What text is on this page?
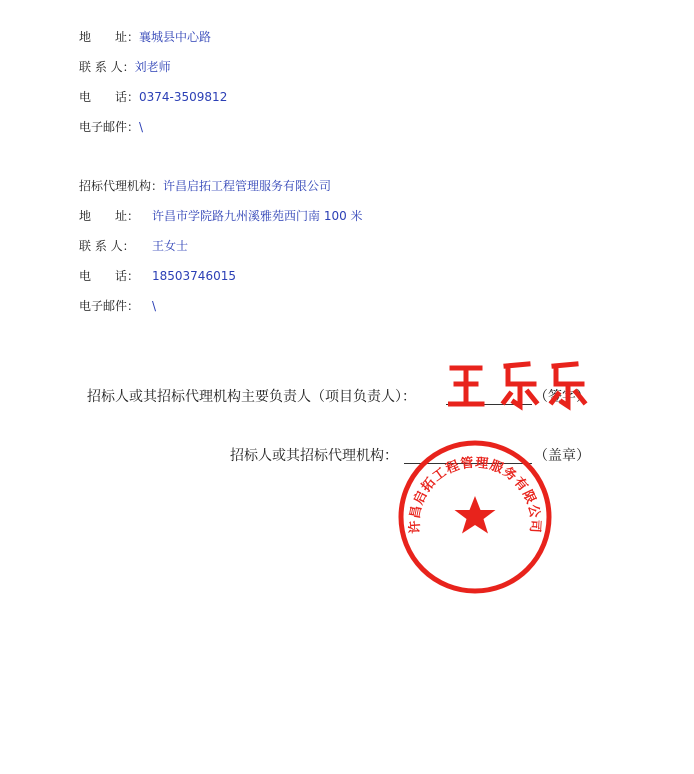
地　　址：襄城县中心路
联 系 人：刘老师
电　　话：0374-3509812
电子邮件：\
招标代理机构：许昌启拓工程管理服务有限公司
地　　址： 许昌市学院路九州溪雅苑西门南 100 米
联 系 人： 王女士
电　　话： 18503746015
电子邮件： \
招标人或其招标代理机构主要负责人（项目负责人）：	（签字）
招标人或其招标代理机构：	（盖章）
许昌启拓工程管理服务有限公司
